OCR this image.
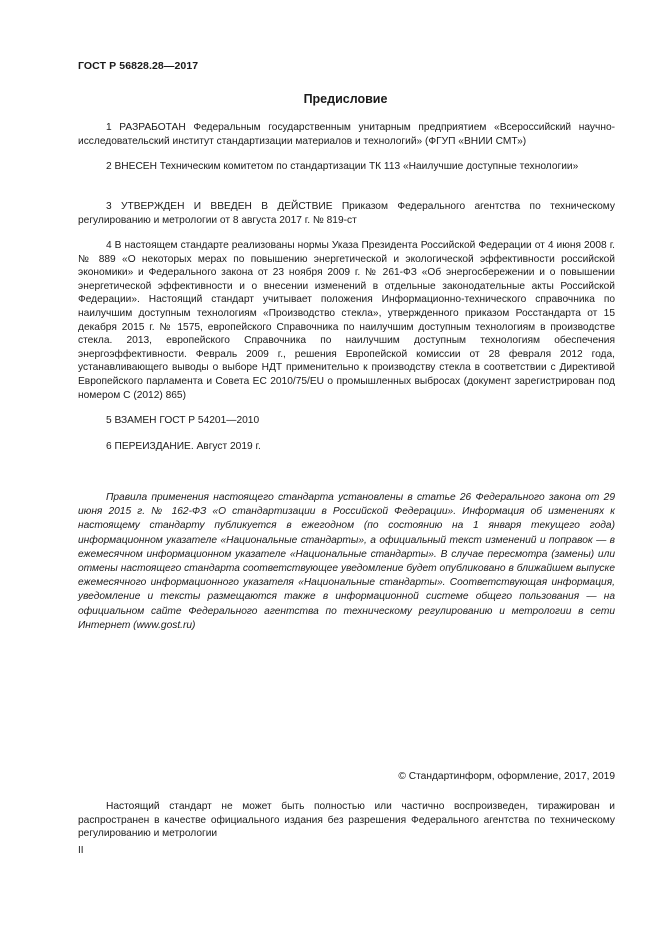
ГОСТ Р 56828.28—2017
Предисловие

1 РАЗРАБОТАН Федеральным государственным унитарным предприятием «Всероссийский научно-исследовательский институт стандартизации материалов и технологий» (ФГУП «ВНИИ СМТ»)

2 ВНЕСЕН Техническим комитетом по стандартизации ТК 113 «Наилучшие доступные технологии»

3 УТВЕРЖДЕН И ВВЕДЕН В ДЕЙСТВИЕ Приказом Федерального агентства по техническому регулированию и метрологии от 8 августа 2017 г. № 819-ст

4 В настоящем стандарте реализованы нормы Указа Президента Российской Федерации от 4 июня 2008 г. № 889 «О некоторых мерах по повышению энергетической и экологической эффективности российской экономики» и Федерального закона от 23 ноября 2009 г. № 261-ФЗ «Об энергосбережении и о повышении энергетической эффективности и о внесении изменений в отдельные законодательные акты Российской Федерации». Настоящий стандарт учитывает положения Информационно-технического справочника по наилучшим доступным технологиям «Производство стекла», утвержденного приказом Росстандарта от 15 декабря 2015 г. № 1575, европейского Справочника по наилучшим доступным технологиям в производстве стекла. 2013, европейского Справочника по наилучшим доступным технологиям обеспечения энергоэффективности. Февраль 2009 г., решения Европейской комиссии от 28 февраля 2012 года, устанавливающего выводы о выборе НДТ применительно к производству стекла в соответствии с Директивой Европейского парламента и Совета ЕС 2010/75/EU о промышленных выбросах (документ зарегистрирован под номером С (2012) 865)

5 ВЗАМЕН ГОСТ Р 54201—2010

6 ПЕРЕИЗДАНИЕ. Август 2019 г.

Правила применения настоящего стандарта установлены в статье 26 Федерального закона от 29 июня 2015 г. № 162-ФЗ «О стандартизации в Российской Федерации». Информация об изменениях к настоящему стандарту публикуется в ежегодном (по состоянию на 1 января текущего года) информационном указателе «Национальные стандарты», а официальный текст изменений и поправок — в ежемесячном информационном указателе «Национальные стандарты». В случае пересмотра (замены) или отмены настоящего стандарта соответствующее уведомление будет опубликовано в ближайшем выпуске ежемесячного информационного указателя «Национальные стандарты». Соответствующая информация, уведомление и тексты размещаются также в информационной системе общего пользования — на официальном сайте Федерального агентства по техническому регулированию и метрологии в сети Интернет (www.gost.ru)

© Стандартинформ, оформление, 2017, 2019

Настоящий стандарт не может быть полностью или частично воспроизведен, тиражирован и распространен в качестве официального издания без разрешения Федерального агентства по техническому регулированию и метрологии

II
